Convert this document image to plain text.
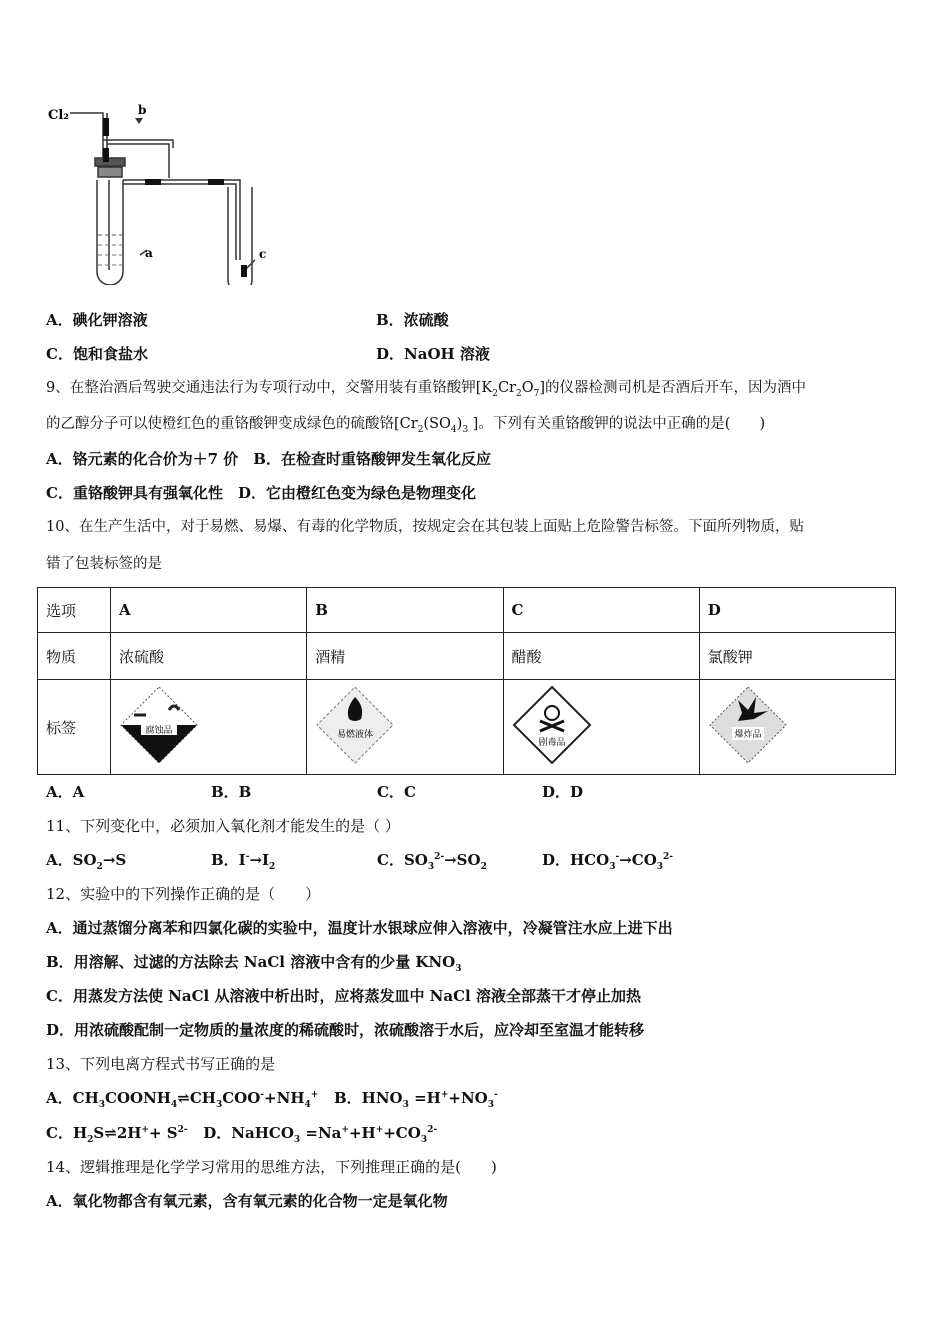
Cl₂	b
a	c
A．碘化钾溶液	B．浓硫酸
C．饱和食盐水	D．NaOH 溶液
9、在整治酒后驾驶交通违法行为专项行动中，交警用装有重铬酸钾$[K_2Cr_2O_7]$的仪器检测司机是否酒后开车，因为酒中
的乙醇分子可以使橙红色的重铬酸钾变成绿色的硫酸铬[$Cr_2(SO_4)_3$ ]。下列有关重铬酸钾的说法中正确的是(　　)
A．铬元素的化合价为＋7 价　B．在检查时重铬酸钾发生氧化反应
C．重铬酸钾具有强氧化性　D．它由橙红色变为绿色是物理变化
10、在生产生活中，对于易燃、易爆、有毒的化学物质，按规定会在其包装上面贴上危险警告标签。下面所列物质，贴
错了包装标签的是
选项	A	B	C	D
物质	浓硫酸	酒精	醋酸	氯酸钾
标签	腐蚀品	易燃液体	剧毒品	爆炸品
A．A	B．B	C．C	D．D
11、下列变化中，必须加入氧化剂才能发生的是（ ）
A．$SO_2\to S$	B．$I^-\to I_2$	C．$SO_3^{2-}\to SO_2$	D．$HCO_3^-\to CO_3^{2-}$
12、实验中的下列操作正确的是（　　）
A．通过蒸馏分离苯和四氯化碳的实验中，温度计水银球应伸入溶液中，冷凝管注水应上进下出
B．用溶解、过滤的方法除去 NaCl 溶液中含有的少量 $KNO_3$
C．用蒸发方法使 NaCl 从溶液中析出时，应将蒸发皿中 NaCl 溶液全部蒸干才停止加热
D．用浓硫酸配制一定物质的量浓度的稀硫酸时，浓硫酸溶于水后，应冷却至室温才能转移
13、下列电离方程式书写正确的是
A．$CH_3COONH_4\rightleftharpoons CH_3COO^-+NH_4^+$ B．$HNO_3 =H^++NO_3^-$
C．$H_2S\rightleftharpoons 2H^++ S^{2-}$ D．NaHCO$_3$ $=Na^++H^++CO_3^{2-}$
14、逻辑推理是化学学习常用的思维方法，下列推理正确的是(　　)
A．氧化物都含有氧元素，含有氧元素的化合物一定是氧化物
